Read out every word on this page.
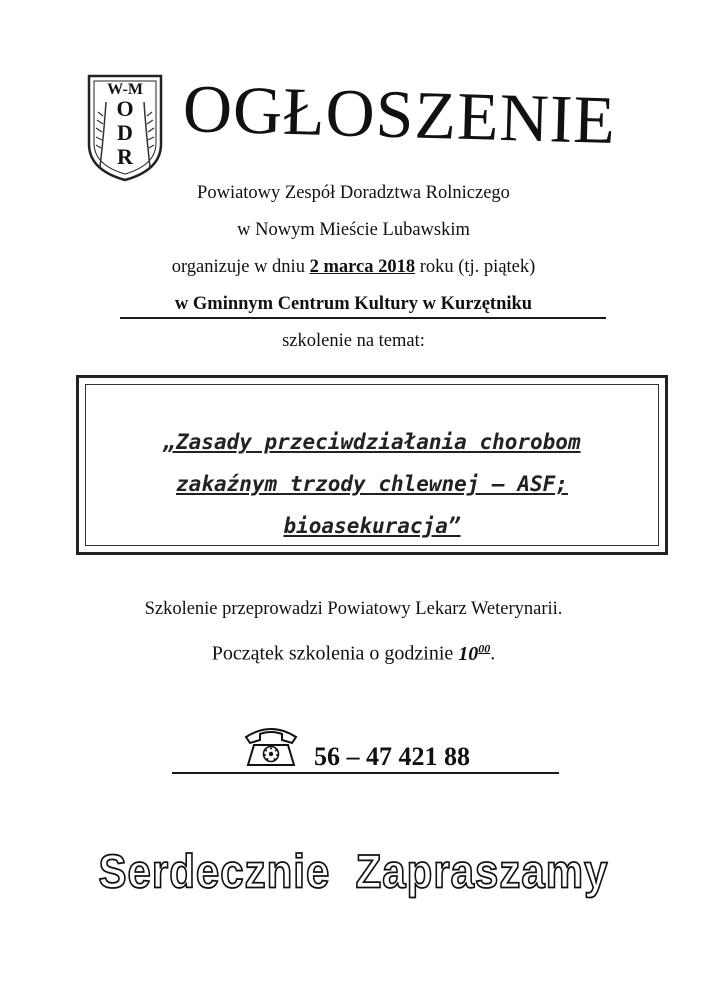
W-M
O
D
R OGŁOSZENIE
Powiatowy Zespół Doradztwa Rolniczego
w Nowym Mieście Lubawskim
organizuje w dniu 2 marca 2018 roku (tj. piątek)
w Gminnym Centrum Kultury w Kurzętniku
szkolenie na temat:
„Zasady przeciwdziałania chorobom
zakaźnym trzody chlewnej – ASF;
bioasekuracja”
Szkolenie przeprowadzi Powiatowy Lekarz Weterynarii.
Początek szkolenia o godzinie $10^{00}$.
56 – 47 421 88
Serdecznie  Zapraszamy
